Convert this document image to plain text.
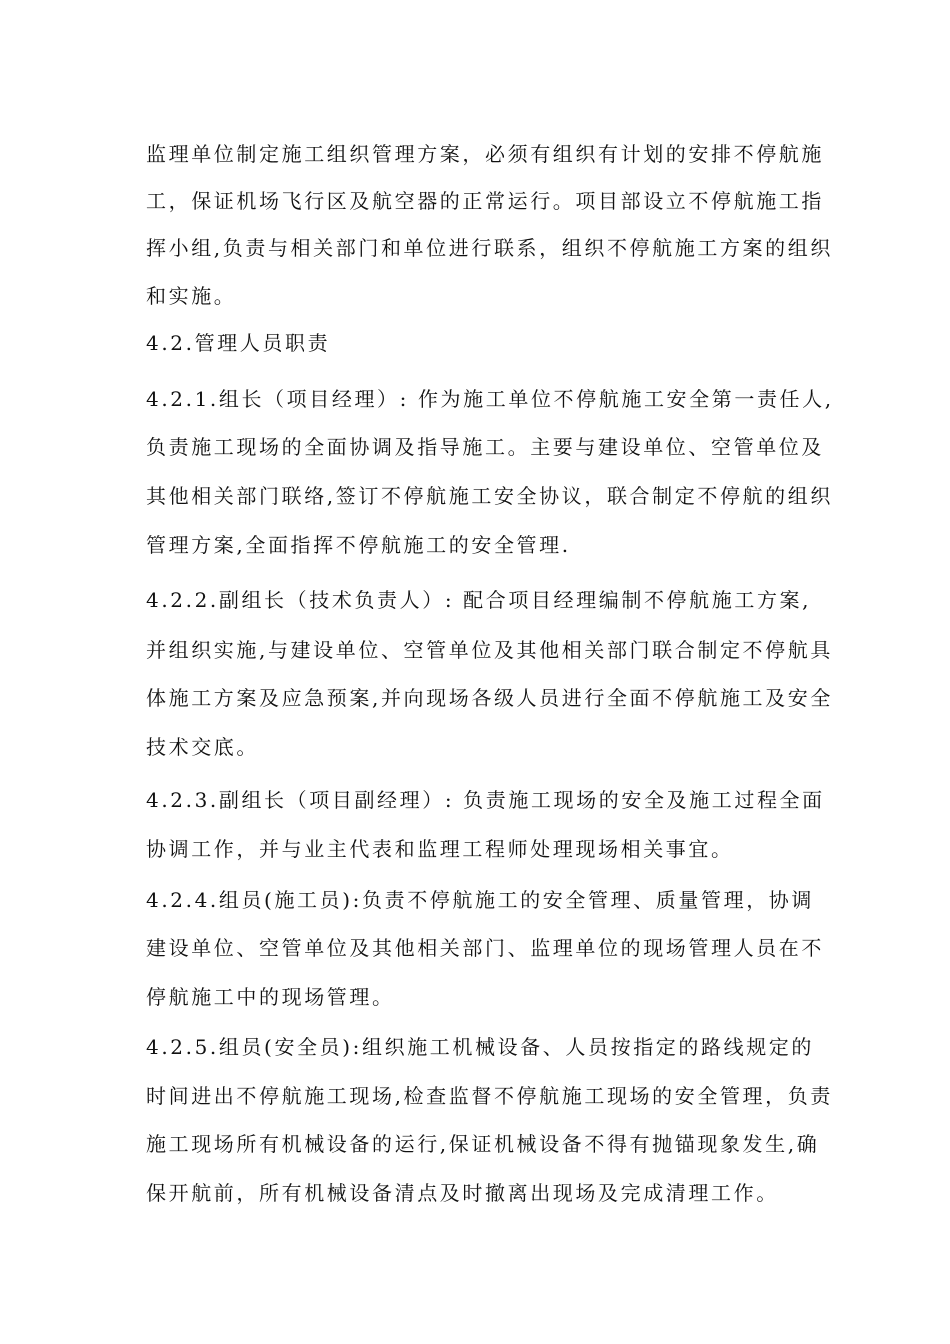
监理单位制定施工组织管理方案，必须有组织有计划的安排不停航施
工，保证机场飞行区及航空器的正常运行。项目部设立不停航施工指
挥小组,负责与相关部门和单位进行联系，组织不停航施工方案的组织
和实施。
4.2.管理人员职责
4.2.1.组长（项目经理）: 作为施工单位不停航施工安全第一责任人,
负责施工现场的全面协调及指导施工。主要与建设单位、空管单位及
其他相关部门联络,签订不停航施工安全协议，联合制定不停航的组织
管理方案,全面指挥不停航施工的安全管理.
4.2.2.副组长（技术负责人）: 配合项目经理编制不停航施工方案,
并组织实施,与建设单位、空管单位及其他相关部门联合制定不停航具
体施工方案及应急预案,并向现场各级人员进行全面不停航施工及安全
技术交底。
4.2.3.副组长（项目副经理）: 负责施工现场的安全及施工过程全面
协调工作，并与业主代表和监理工程师处理现场相关事宜。
4.2.4.组员(施工员):负责不停航施工的安全管理、质量管理，协调
建设单位、空管单位及其他相关部门、监理单位的现场管理人员在不
停航施工中的现场管理。
4.2.5.组员(安全员):组织施工机械设备、人员按指定的路线规定的
时间进出不停航施工现场,检查监督不停航施工现场的安全管理，负责
施工现场所有机械设备的运行,保证机械设备不得有抛锚现象发生,确
保开航前，所有机械设备清点及时撤离出现场及完成清理工作。
